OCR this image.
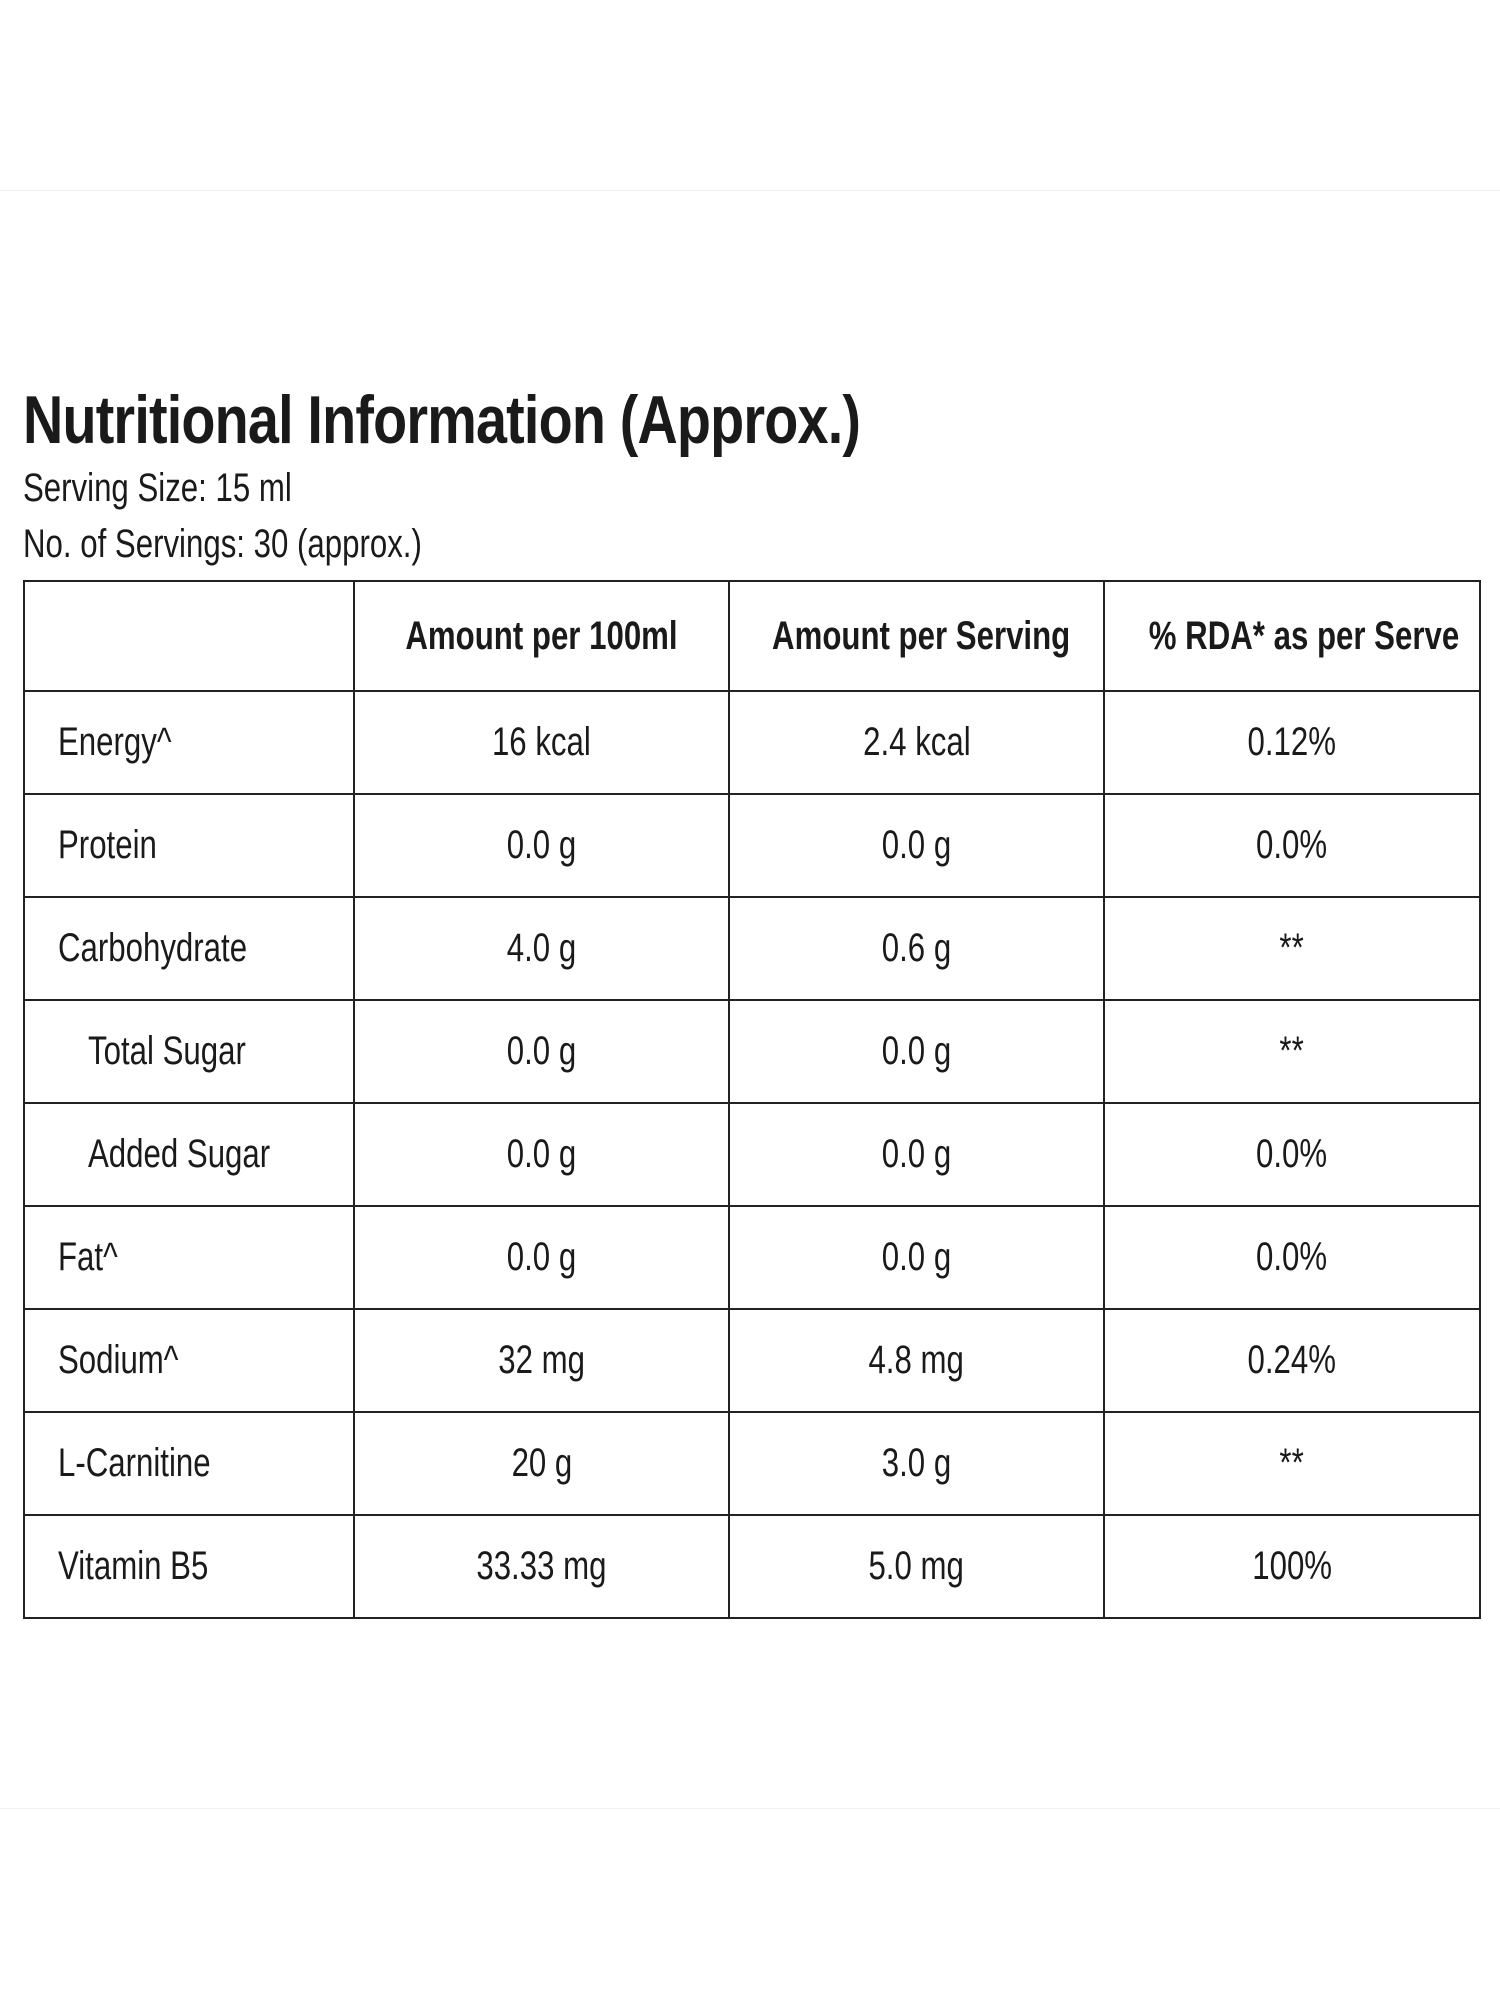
Nutritional Information (Approx.)
Serving Size: 15 ml
No. of Servings: 30 (approx.)
	Amount per 100ml	Amount per Serving	% RDA* as per Serve
Energy^	16 kcal	2.4 kcal	0.12%
Protein	0.0 g	0.0 g	0.0%
Carbohydrate	4.0 g	0.6 g	**
Total Sugar	0.0 g	0.0 g	**
Added Sugar	0.0 g	0.0 g	0.0%
Fat^	0.0 g	0.0 g	0.0%
Sodium^	32 mg	4.8 mg	0.24%
L-Carnitine	20 g	3.0 g	**
Vitamin B5	33.33 mg	5.0 mg	100%
